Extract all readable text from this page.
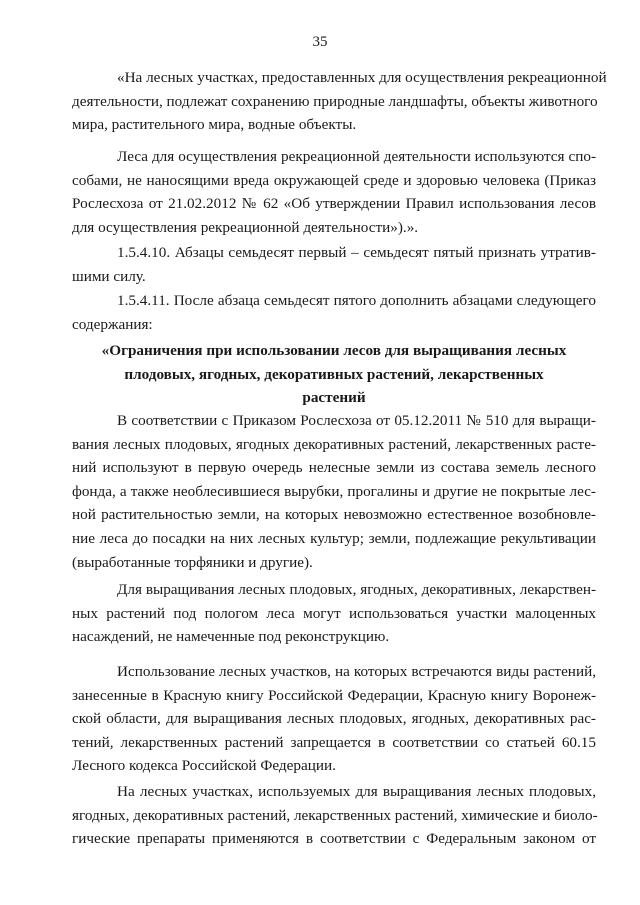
35
«На лесных участках, предоставленных для осуществления рекреационной
деятельности, подлежат сохранению природные ландшафты, объекты животного
мира, растительного мира, водные объекты.
Леса для осуществления рекреационной деятельности используются спо-
собами, не наносящими вреда окружающей среде и здоровью человека (Приказ
Рослесхоза от 21.02.2012 № 62 «Об утверждении Правил использования лесов
для осуществления рекреационной деятельности»).».
1.5.4.10. Абзацы семьдесят первый – семьдесят пятый признать утратив-
шими силу.
1.5.4.11. После абзаца семьдесят пятого дополнить абзацами следующего
содержания:
«Ограничения при использовании лесов для выращивания лесных
плодовых, ягодных, декоративных растений, лекарственных
растений
В соответствии с Приказом Рослесхоза от 05.12.2011 № 510 для выращи-
вания лесных плодовых, ягодных декоративных растений, лекарственных расте-
ний используют в первую очередь нелесные земли из состава земель лесного
фонда, а также необлесившиеся вырубки, прогалины и другие не покрытые лес-
ной растительностью земли, на которых невозможно естественное возобновле-
ние леса до посадки на них лесных культур; земли, подлежащие рекультивации
(выработанные торфяники и другие).
Для выращивания лесных плодовых, ягодных, декоративных, лекарствен-
ных растений под пологом леса могут использоваться участки малоценных
насаждений, не намеченные под реконструкцию.
Использование лесных участков, на которых встречаются виды растений,
занесенные в Красную книгу Российской Федерации, Красную книгу Воронеж-
ской области, для выращивания лесных плодовых, ягодных, декоративных рас-
тений, лекарственных растений запрещается в соответствии со статьей 60.15
Лесного кодекса Российской Федерации.
На лесных участках, используемых для выращивания лесных плодовых,
ягодных, декоративных растений, лекарственных растений, химические и биоло-
гические препараты применяются в соответствии с Федеральным законом от
